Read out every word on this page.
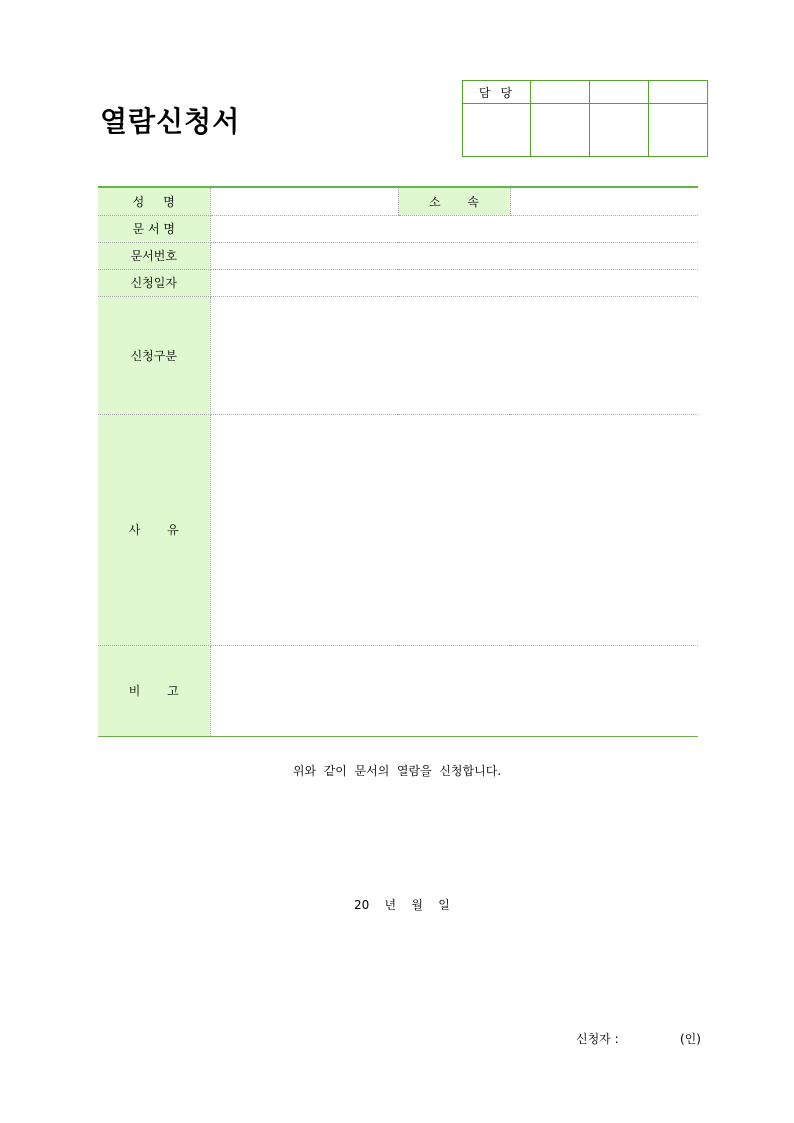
열람신청서
담당			

성     명		소       속	
문 서 명			
문서번호			
신청일자			
신청구분			
사       유			
비       고			
위와  같이  문서의  열람을  신청합니다.
20    년    월    일
신청자 :	(인)
